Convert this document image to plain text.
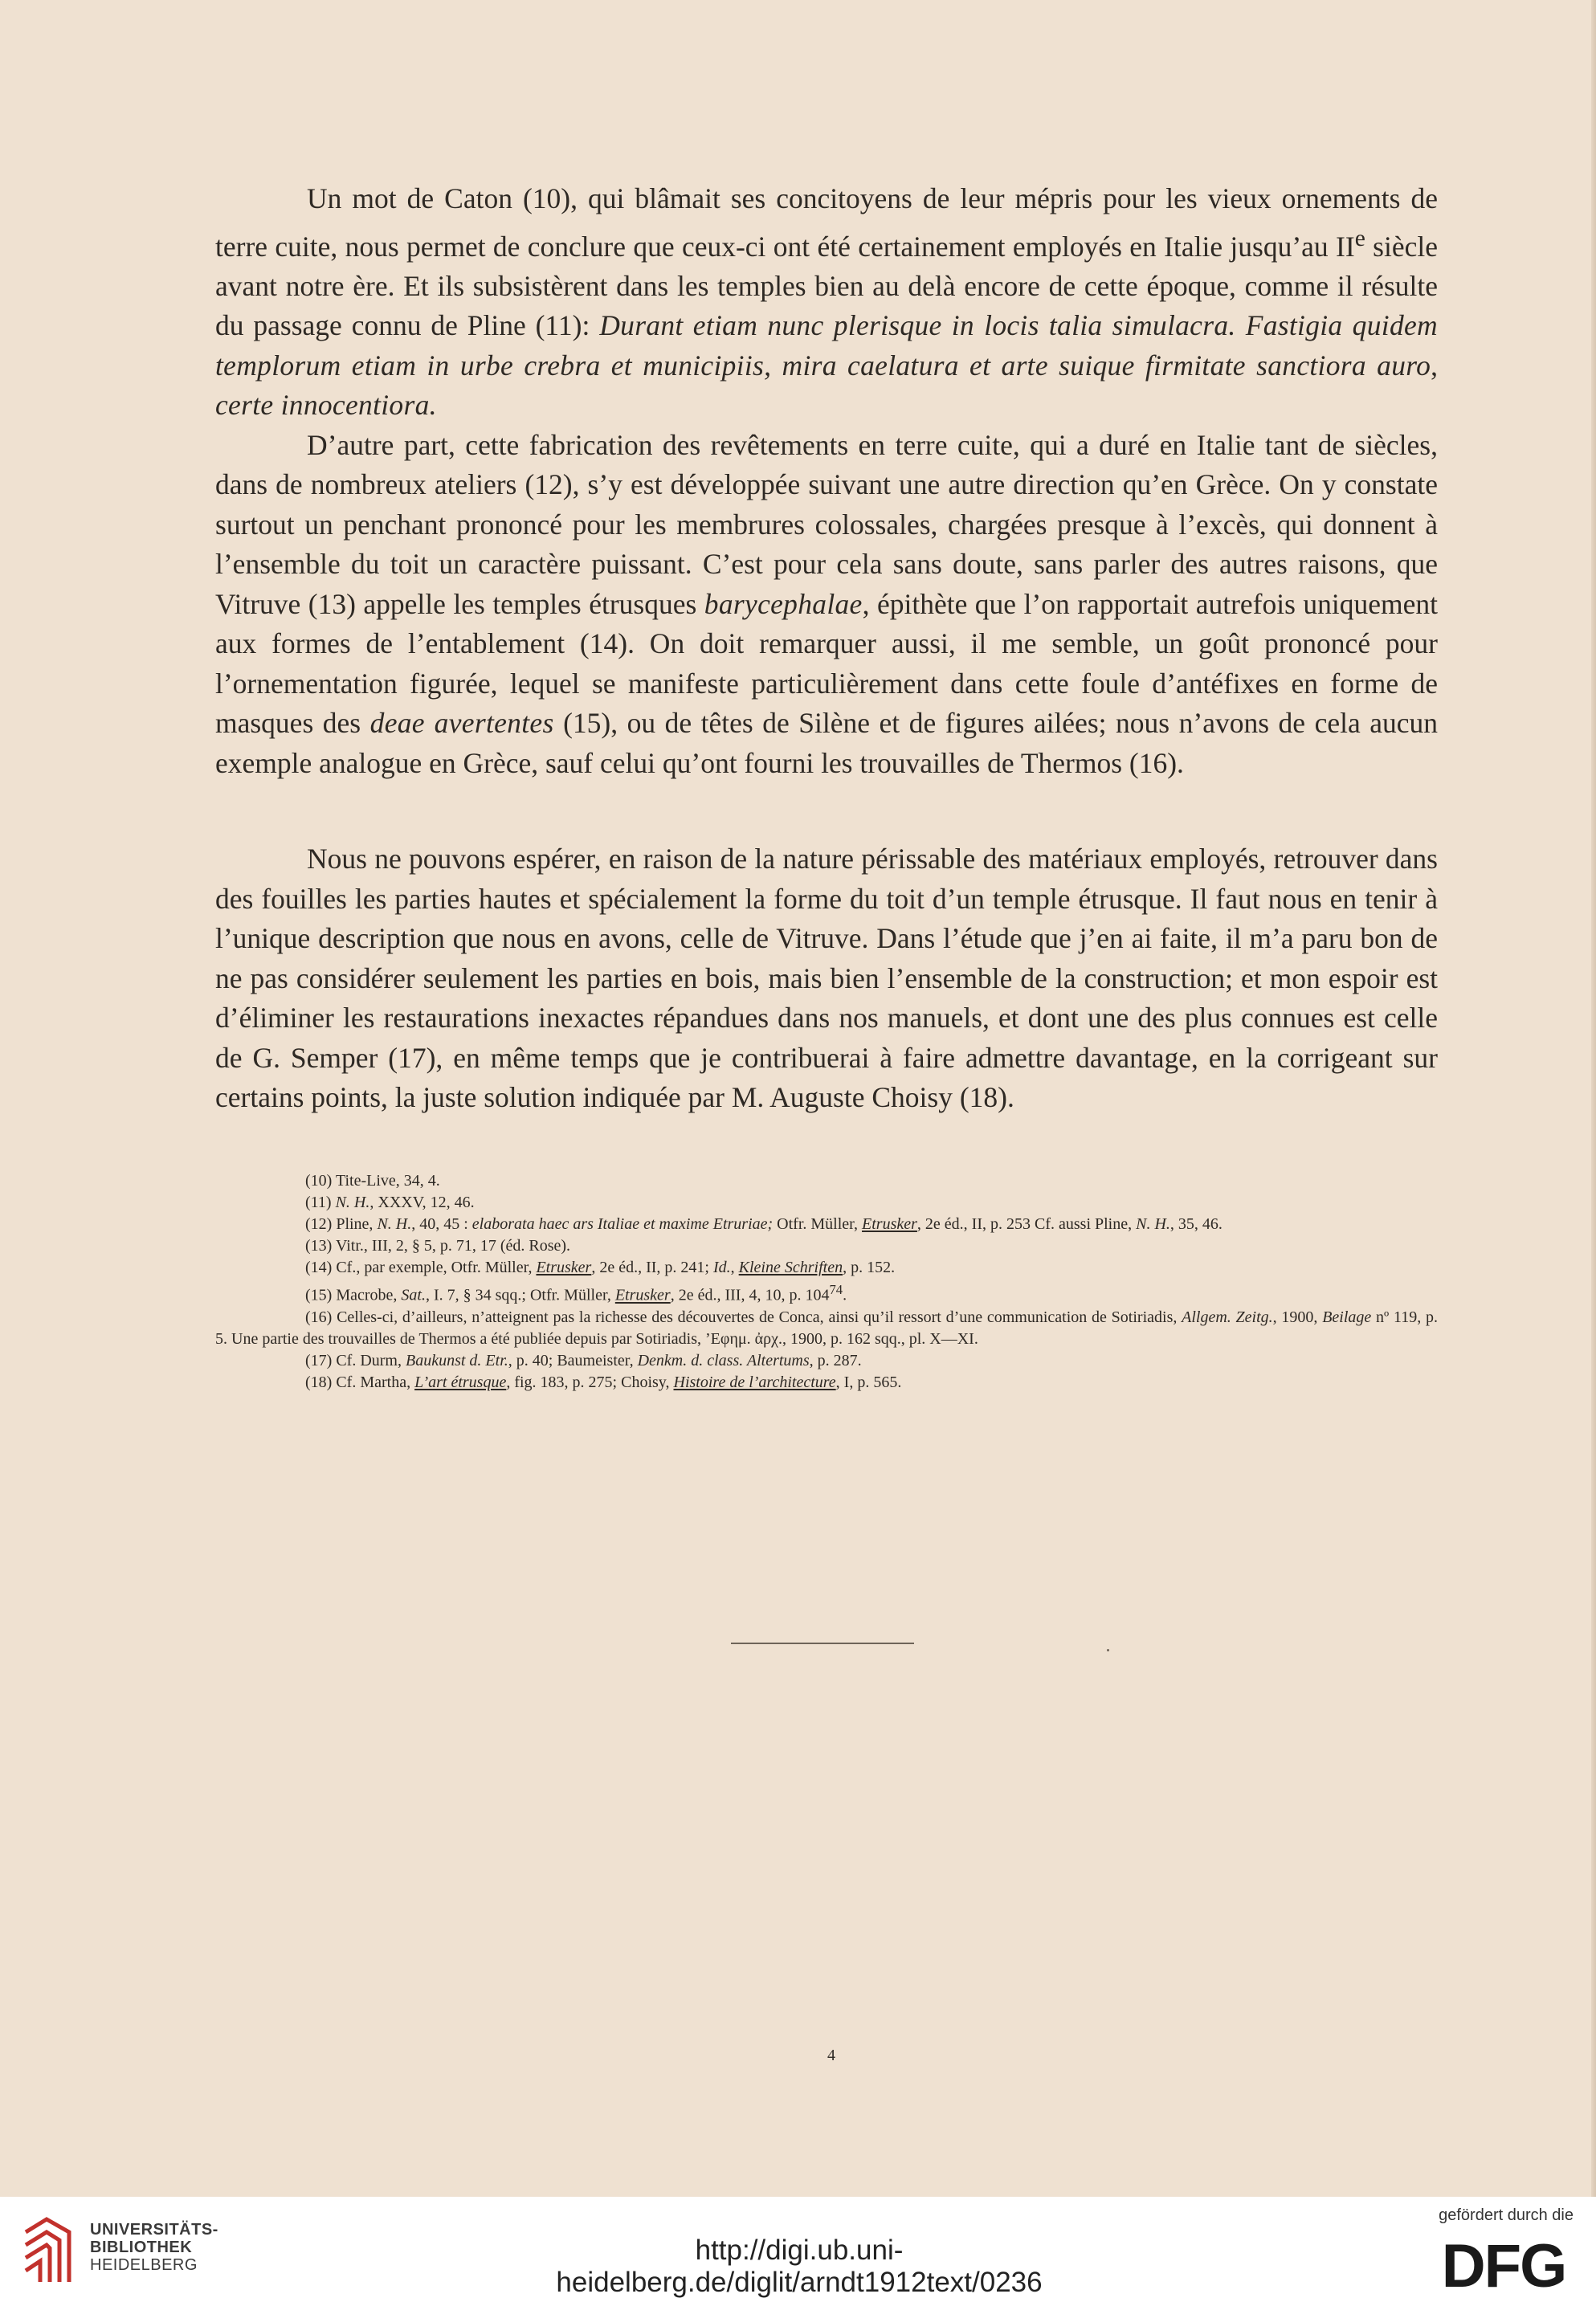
Un mot de Caton (10), qui blâmait ses concitoyens de leur mépris pour les vieux ornements de terre cuite, nous permet de conclure que ceux-ci ont été certainement employés en Italie jusqu’au IIe siècle avant notre ère. Et ils subsistèrent dans les temples bien au delà encore de cette époque, comme il résulte du passage connu de Pline (11): Durant etiam nunc plerisque in locis talia simulacra. Fastigia quidem templorum etiam in urbe crebra et municipiis, mira caelatura et arte suique firmitate sanctiora auro, certe innocentiora.

D’autre part, cette fabrication des revêtements en terre cuite, qui a duré en Italie tant de siècles, dans de nombreux ateliers (12), s’y est développée suivant une autre direction qu’en Grèce. On y constate surtout un penchant prononcé pour les membrures colossales, chargées presque à l’excès, qui donnent à l’ensemble du toit un caractère puissant. C’est pour cela sans doute, sans parler des autres raisons, que Vitruve (13) appelle les temples étrusques barycephalae, épithète que l’on rapportait autrefois uniquement aux formes de l’entablement (14). On doit remarquer aussi, il me semble, un goût prononcé pour l’ornementation figurée, lequel se manifeste particulièrement dans cette foule d’antéfixes en forme de masques des deae avertentes (15), ou de têtes de Silène et de figures ailées; nous n’avons de cela aucun exemple analogue en Grèce, sauf celui qu’ont fourni les trouvailles de Thermos (16).

Nous ne pouvons espérer, en raison de la nature périssable des matériaux employés, retrouver dans des fouilles les parties hautes et spécialement la forme du toit d’un temple étrusque. Il faut nous en tenir à l’unique description que nous en avons, celle de Vitruve. Dans l’étude que j’en ai faite, il m’a paru bon de ne pas considérer seulement les parties en bois, mais bien l’ensemble de la construction; et mon espoir est d’éliminer les restaurations inexactes répandues dans nos manuels, et dont une des plus connues est celle de G. Semper (17), en même temps que je contribuerai à faire admettre davantage, en la corrigeant sur certains points, la juste solution indiquée par M. Auguste Choisy (18).

(10) Tite-Live, 34, 4.

(11) N. H., XXXV, 12, 46.

(12) Pline, N. H., 40, 45 : elaborata haec ars Italiae et maxime Etruriae; Otfr. Müller, Etrusker, 2e éd., II, p. 253 Cf. aussi Pline, N. H., 35, 46.

(13) Vitr., III, 2, § 5, p. 71, 17 (éd. Rose).

(14) Cf., par exemple, Otfr. Müller, Etrusker, 2e éd., II, p. 241; Id., Kleine Schriften, p. 152.

(15) Macrobe, Sat., I. 7, § 34 sqq.; Otfr. Müller, Etrusker, 2e éd., III, 4, 10, p. $104^{74}$.

(16) Celles-ci, d’ailleurs, n’atteignent pas la richesse des découvertes de Conca, ainsi qu’il ressort d’une communication de Sotiriadis, Allgem. Zeitg., 1900, Beilage nº 119, p. 5. Une partie des trouvailles de Thermos a été publiée depuis par Sotiriadis, ’Εφημ. ἀρχ., 1900, p. 162 sqq., pl. X—XI.

(17) Cf. Durm, Baukunst d. Etr., p. 40; Baumeister, Denkm. d. class. Altertums, p. 287.

(18) Cf. Martha, L’art étrusque, fig. 183, p. 275; Choisy, Histoire de l’architecture, I, p. 565.

4
UNIVERSITÄTS-
BIBLIOTHEK
HEIDELBERG	http://digi.ub.uni-heidelberg.de/diglit/arndt1912text/0236
gefördert durch die
DFG
